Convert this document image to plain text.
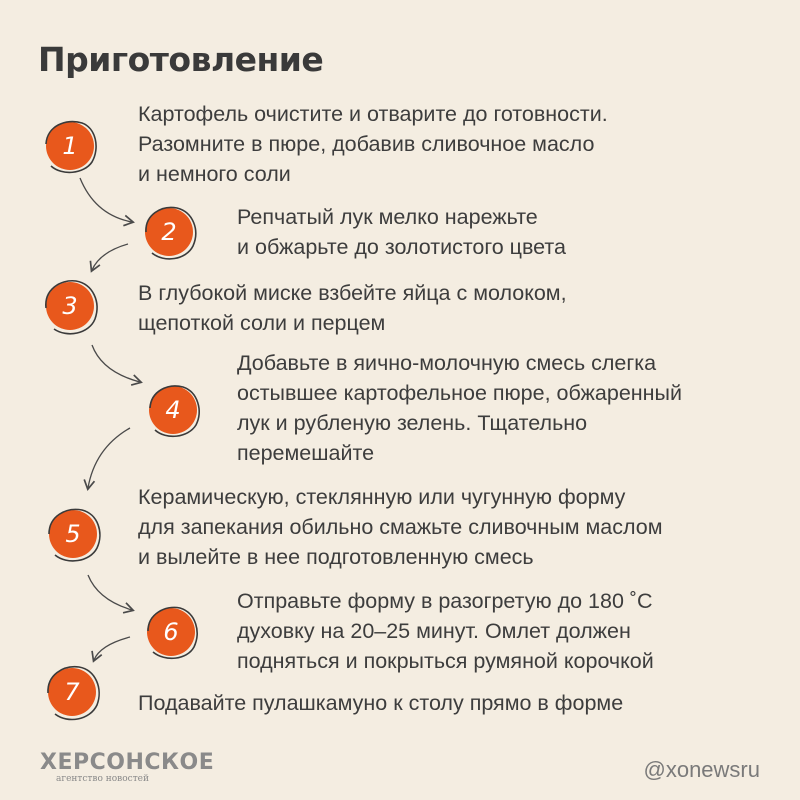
Приготовление
1
2
3
4
5
6
7
Картофель очистите и отварите до готовности.
Разомните в пюре, добавив сливочное масло
и немного соли
Репчатый лук мелко нарежьте
и обжарьте до золотистого цвета
В глубокой миске взбейте яйца с молоком,
щепоткой соли и перцем
Добавьте в яично-молочную смесь слегка
остывшее картофельное пюре, обжаренный
лук и рубленую зелень. Тщательно
перемешайте
Керамическую, стеклянную или чугунную форму
для запекания обильно смажьте сливочным маслом
и вылейте в нее подготовленную смесь
Отправьте форму в разогретую до 180 ˚С
духовку на 20–25 минут. Омлет должен
подняться и покрыться румяной корочкой
Подавайте пулашкамуно к столу прямо в форме
ХЕРСОНСКОЕ
агентство новостей	@xonewsru
